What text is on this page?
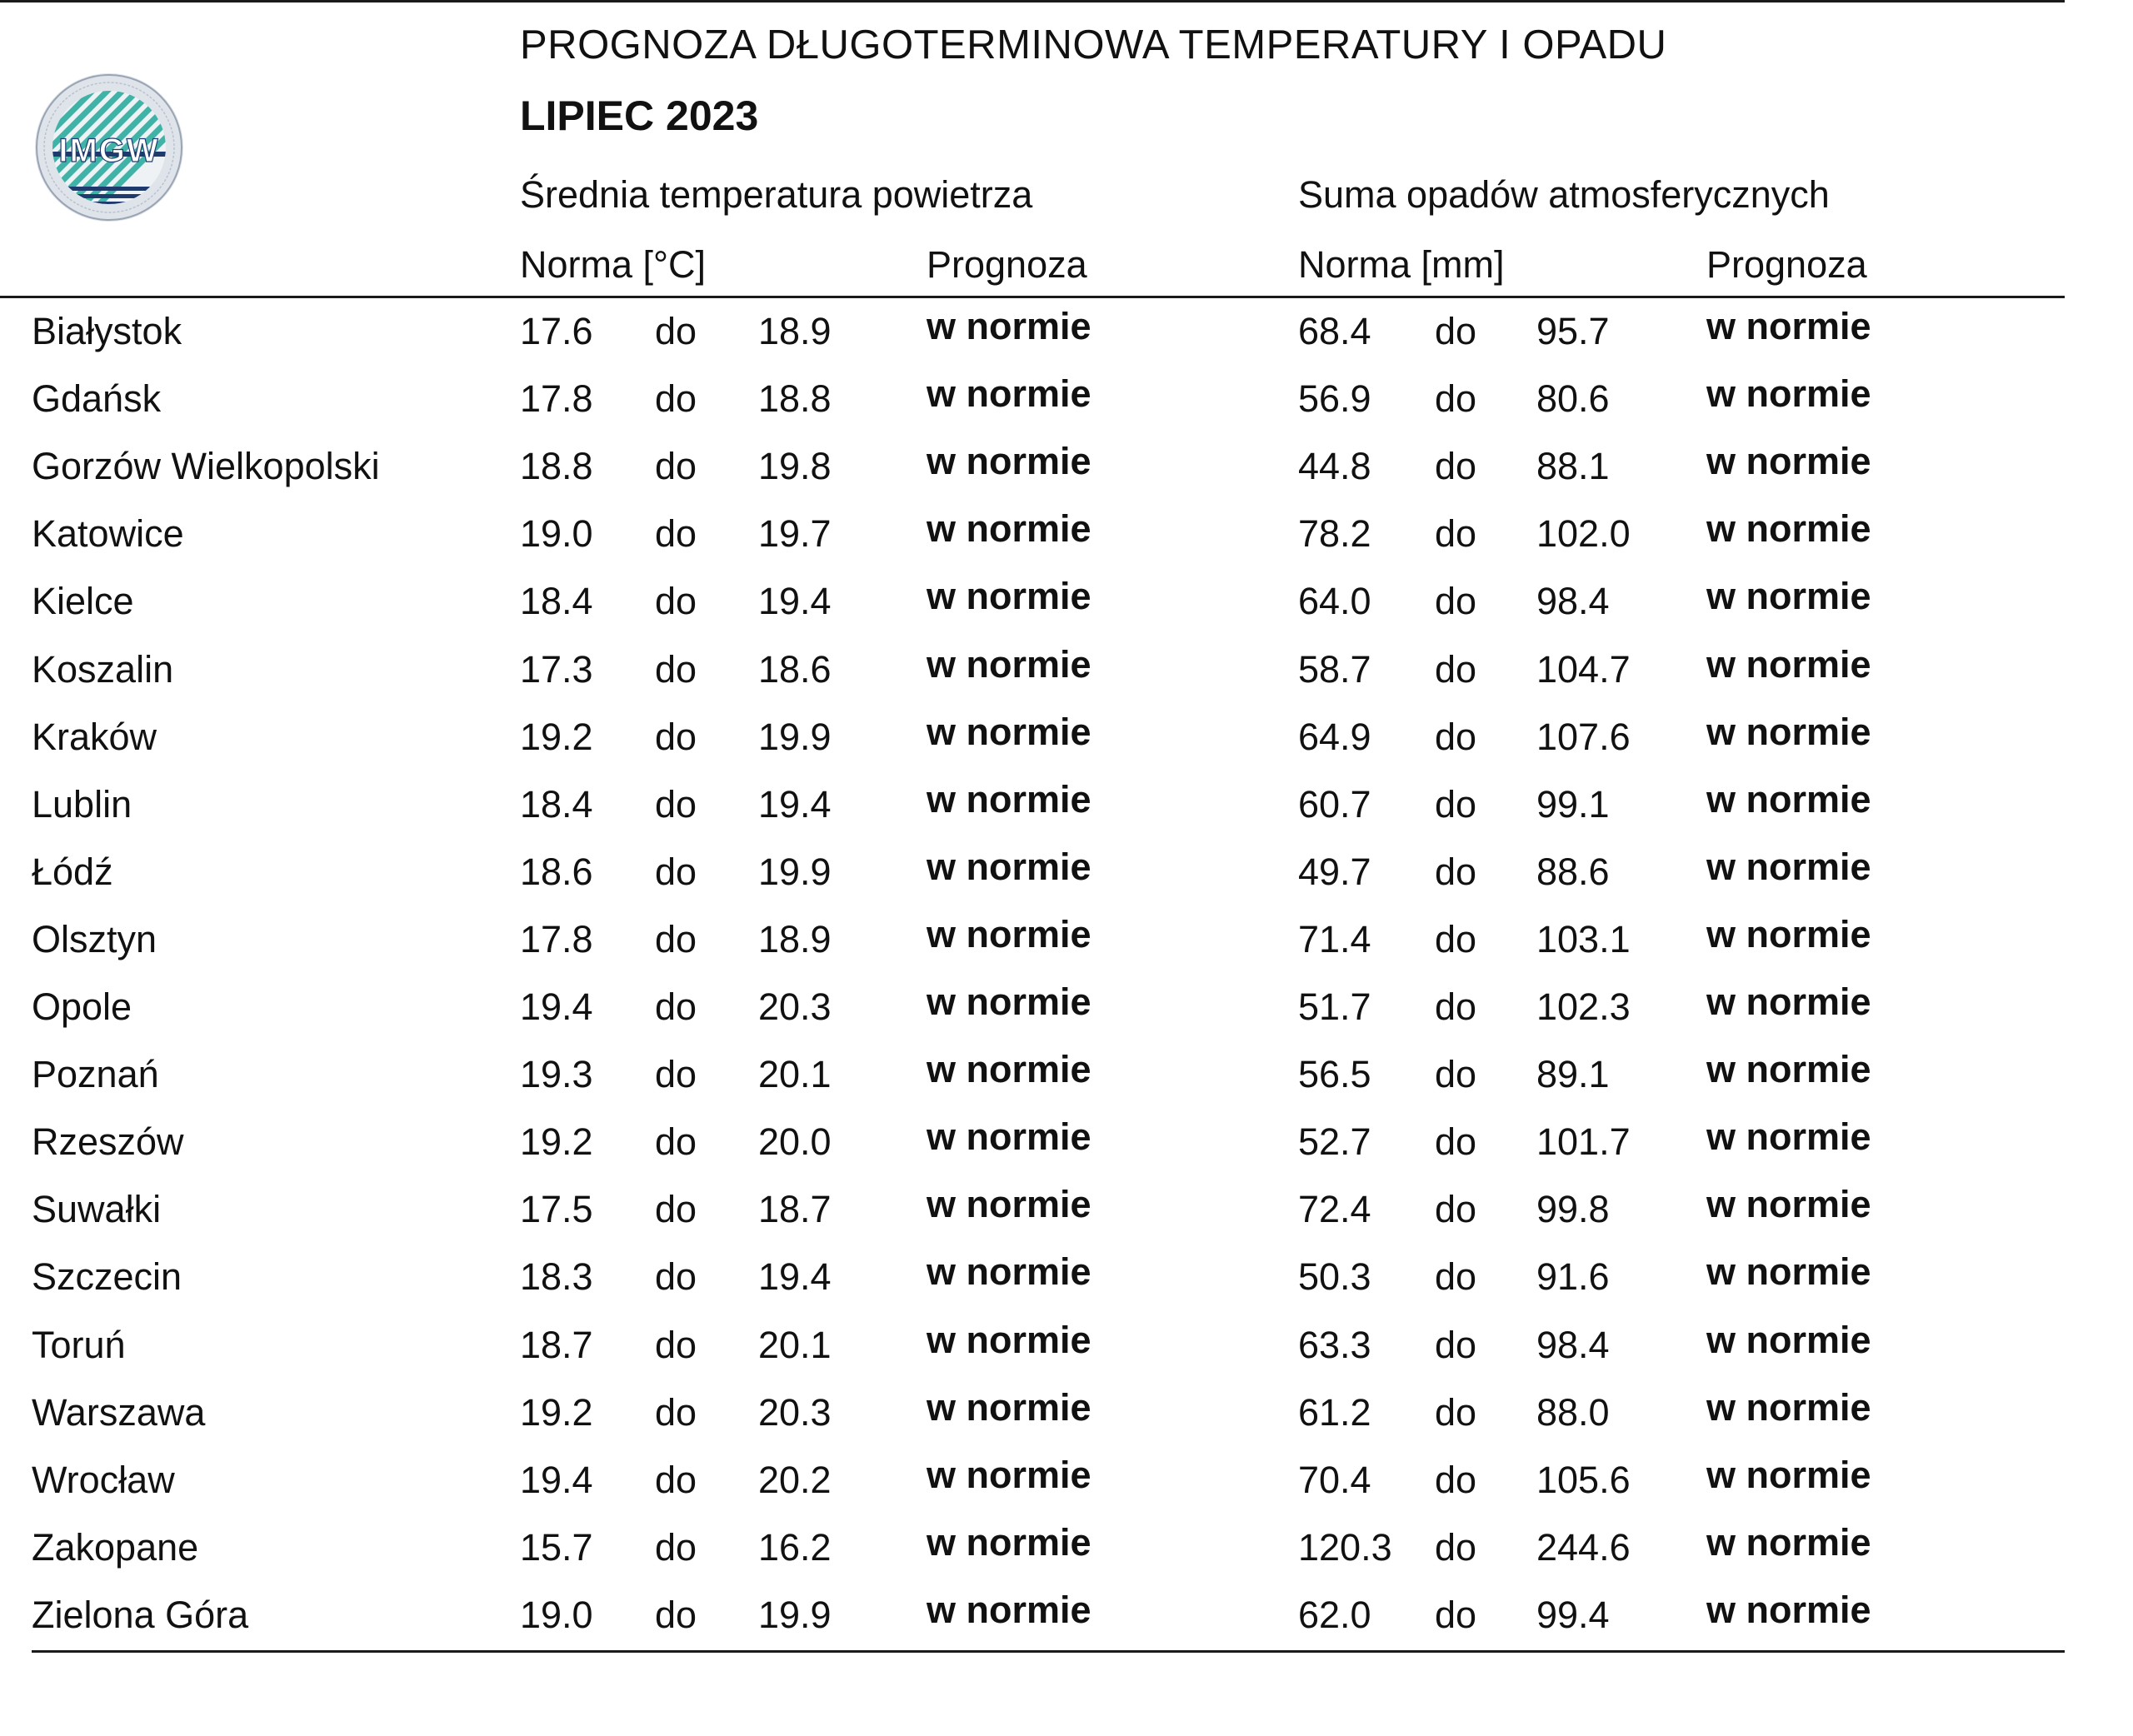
IMGW
PROGNOZA DŁUGOTERMINOWA TEMPERATURY I OPADU
LIPIEC 2023
Średnia temperatura powietrza	Suma opadów atmosferycznych
Norma [°C]	Prognoza	Norma [mm]	Prognoza
Białystok	17.6 do 18.9	w normie	68.4 do 95.7	w normie
Gdańsk	17.8 do 18.8	w normie	56.9 do 80.6	w normie
Gorzów Wielkopolski	18.8 do 19.8	w normie	44.8 do 88.1	w normie
Katowice	19.0 do 19.7	w normie	78.2 do 102.0 w normie
Kielce	18.4 do 19.4	w normie	64.0 do 98.4	w normie
Koszalin	17.3 do 18.6	w normie	58.7 do 104.7 w normie
Kraków	19.2 do 19.9	w normie	64.9 do 107.6 w normie
Lublin	18.4 do 19.4	w normie	60.7 do 99.1	w normie
Łódź	18.6 do 19.9	w normie	49.7 do 88.6	w normie
Olsztyn	17.8 do 18.9	w normie	71.4 do 103.1 w normie
Opole	19.4 do 20.3	w normie	51.7 do 102.3 w normie
Poznań	19.3 do 20.1	w normie	56.5 do 89.1	w normie
Rzeszów	19.2 do 20.0	w normie	52.7 do 101.7 w normie
Suwałki	17.5 do 18.7	w normie	72.4 do 99.8	w normie
Szczecin	18.3 do 19.4	w normie	50.3 do 91.6	w normie
Toruń	18.7 do 20.1	w normie	63.3 do 98.4	w normie
Warszawa	19.2 do 20.3	w normie	61.2 do 88.0	w normie
Wrocław	19.4 do 20.2	w normie	70.4 do 105.6 w normie
Zakopane	15.7 do 16.2	w normie	120.3 do 244.6 w normie
Zielona Góra	19.0 do 19.9	w normie	62.0 do 99.4	w normie
